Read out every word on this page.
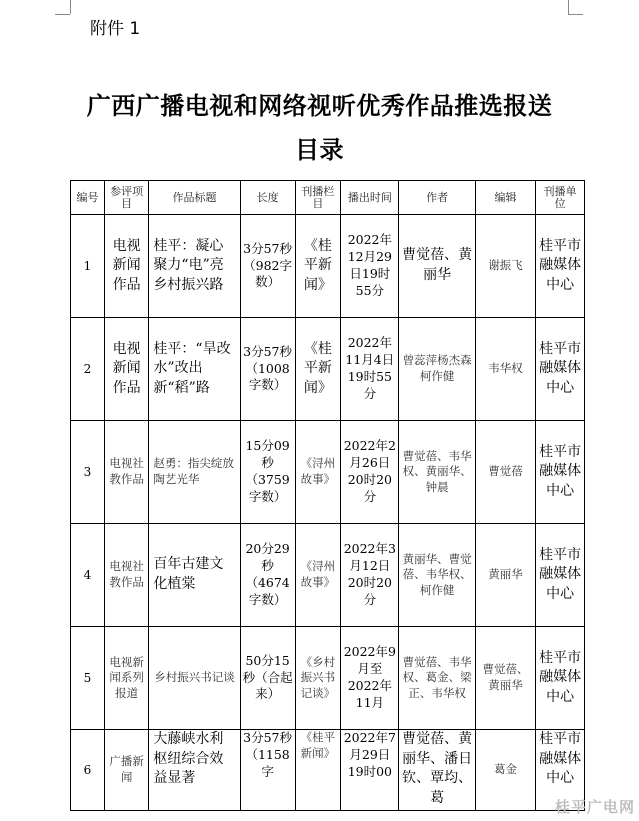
附件 1
广西广播电视和网络视听优秀作品推选报送
目录
编号	参评项目	作品标题	长度	刊播栏目	播出时间	作者	编辑	刊播单位
1	电视新闻作品	桂平：凝心聚力“电”亮乡村振兴路	3分57秒（982字数）	《桂平新闻》	2022年12月29日19时55分	曹觉蓓、黄丽华	谢振飞	桂平市融媒体中心
2	电视新闻作品	桂平：“旱改水”改出新“稻”路	3分57秒（1008字数）	《桂平新闻》	2022年11月4日19时55分	曾蕊萍杨杰森柯作健	韦华权	桂平市融媒体中心
3	电视社教作品	赵勇：指尖绽放陶艺光华	15分09秒（3759字数）	《浔州故事》	2022年2月26日20时20分	曹觉蓓、韦华权、黄丽华、钟晨	曹觉蓓	桂平市融媒体中心
4	电视社教作品	百年古建文化植棠	20分29秒（4674字数）	《浔州故事》	2022年3月12日20时20分	黄丽华、曹觉蓓、韦华权、柯作健	黄丽华	桂平市融媒体中心
5	电视新闻系列报道	乡村振兴书记谈	50分15秒（合起来）	《乡村振兴书记谈》	2022年9月至2022年11月	曹觉蓓、韦华权、葛金、梁正、韦华权	曹觉蓓、黄丽华	桂平市融媒体中心
6	广播新闻	大藤峡水利枢纽综合效益显著	3分57秒（1158字	《桂平新闻》	2022年7月29日19时00	曹觉蓓、黄丽华、潘日钦、覃均、葛	葛金	桂平市融媒体中心
桂平广电网
